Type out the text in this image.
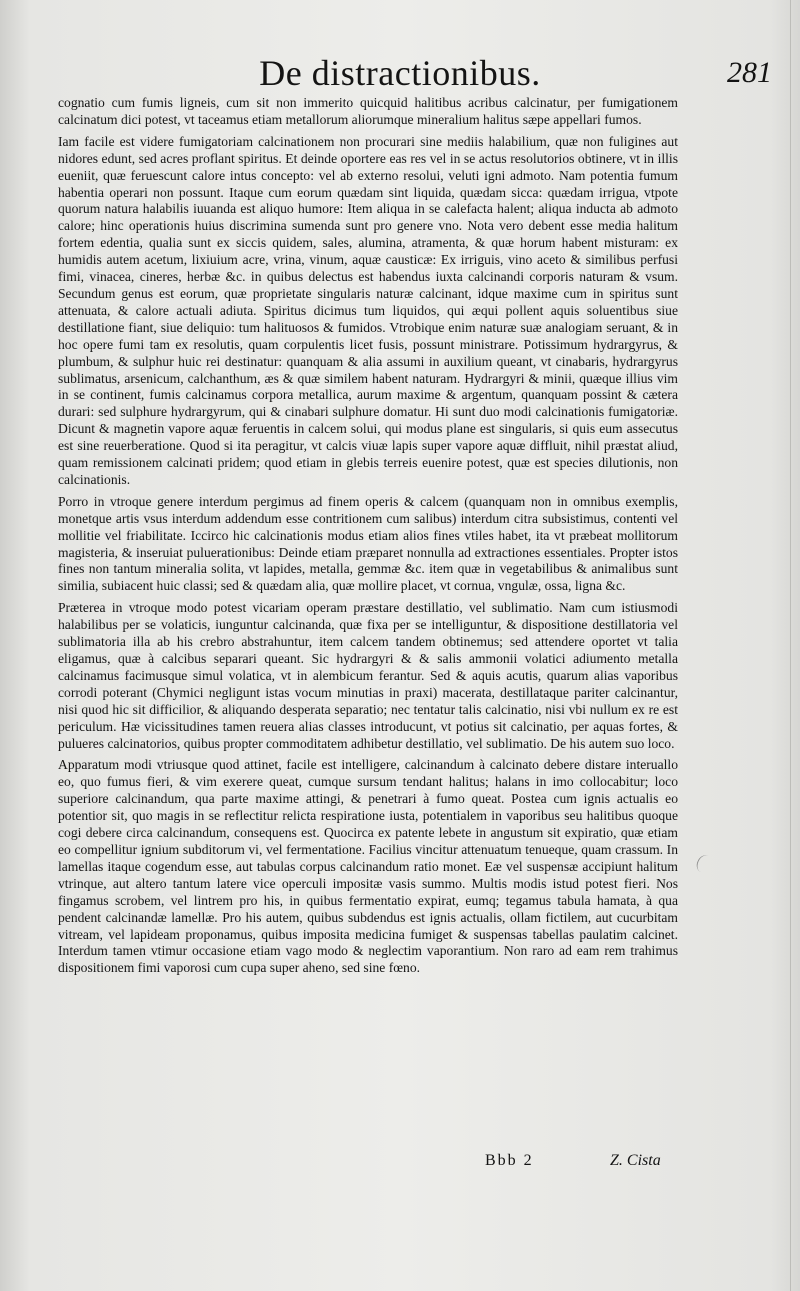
De distractionibus.	281

cognatio cum fumis ligneis, cum sit non immerito quicquid halitibus acribus calcinatur, per fumigationem calcinatum dici potest, vt taceamus etiam metallorum aliorumque mineralium halitus sæpe appellari fumos.

Iam facile est videre fumigatoriam calcinationem non procurari sine mediis halabilium, quæ non fuligines aut nidores edunt, sed acres proflant spiritus. Et deinde oportere eas res vel in se actus resolutorios obtinere, vt in illis eueniit, quæ feruescunt calore intus concepto: vel ab externo resolui, veluti igni admoto. Nam potentia fumum habentia operari non possunt. Itaque cum eorum quædam sint liquida, quædam sicca: quædam irrigua, vtpote quorum natura halabilis iuuanda est aliquo humore: Item aliqua in se calefacta halent; aliqua inducta ab admoto calore; hinc operationis huius discrimina sumenda sunt pro genere vno. Nota vero debent esse media halitum fortem edentia, qualia sunt ex siccis quidem, sales, alumina, atramenta, & quæ horum habent misturam: ex humidis autem acetum, lixiuium acre, vrina, vinum, aquæ causticæ: Ex irriguis, vino aceto & similibus perfusi fimi, vinacea, cineres, herbæ &c. in quibus delectus est habendus iuxta calcinandi corporis naturam & vsum. Secundum genus est eorum, quæ proprietate singularis naturæ calcinant, idque maxime cum in spiritus sunt attenuata, & calore actuali adiuta. Spiritus dicimus tum liquidos, qui æqui pollent aquis soluentibus siue destillatione fiant, siue deliquio: tum halituosos & fumidos. Vtrobique enim naturæ suæ analogiam seruant, & in hoc opere fumi tam ex resolutis, quam corpulentis licet fusis, possunt ministrare. Potissimum hydrargyrus, & plumbum, & sulphur huic rei destinatur: quanquam & alia assumi in auxilium queant, vt cinabaris, hydrargyrus sublimatus, arsenicum, calchanthum, æs & quæ similem habent naturam. Hydrargyri & minii, quæque illius vim in se continent, fumis calcinamus corpora metallica, aurum maxime & argentum, quanquam possint & cætera durari: sed sulphure hydrargyrum, qui & cinabari sulphure domatur. Hi sunt duo modi calcinationis fumigatoriæ. Dicunt & magnetin vapore aquæ feruentis in calcem solui, qui modus plane est singularis, si quis eum assecutus est sine reuerberatione. Quod si ita peragitur, vt calcis viuæ lapis super vapore aquæ diffluit, nihil præstat aliud, quam remissionem calcinati pridem; quod etiam in glebis terreis euenire potest, quæ est species dilutionis, non calcinationis.

Porro in vtroque genere interdum pergimus ad finem operis & calcem (quanquam non in omnibus exemplis, monetque artis vsus interdum addendum esse contritionem cum salibus) interdum citra subsistimus, contenti vel mollitie vel friabilitate. Iccirco hic calcinationis modus etiam alios fines vtiles habet, ita vt præbeat mollitorum magisteria, & inseruiat puluerationibus: Deinde etiam præparet nonnulla ad extractiones essentiales. Propter istos fines non tantum mineralia solita, vt lapides, metalla, gemmæ &c. item quæ in vegetabilibus & animalibus sunt similia, subiacent huic classi; sed & quædam alia, quæ mollire placet, vt cornua, vngulæ, ossa, ligna &c.

Præterea in vtroque modo potest vicariam operam præstare destillatio, vel sublimatio. Nam cum istiusmodi halabilibus per se volaticis, iunguntur calcinanda, quæ fixa per se intelliguntur, & dispositione destillatoria vel sublimatoria illa ab his crebro abstrahuntur, item calcem tandem obtinemus; sed attendere oportet vt talia eligamus, quæ à calcibus separari queant. Sic hydrargyri & & salis ammonii volatici adiumento metalla calcinamus facimusque simul volatica, vt in alembicum ferantur. Sed & aquis acutis, quarum alias vaporibus corrodi poterant (Chymici negligunt istas vocum minutias in praxi) macerata, destillataque pariter calcinantur, nisi quod hic sit difficilior, & aliquando desperata separatio; nec tentatur talis calcinatio, nisi vbi nullum ex re est periculum. Hæ vicissitudines tamen reuera alias classes introducunt, vt potius sit calcinatio, per aquas fortes, & pulueres calcinatorios, quibus propter commoditatem adhibetur destillatio, vel sublimatio. De his autem suo loco.

Apparatum modi vtriusque quod attinet, facile est intelligere, calcinandum à calcinato debere distare interuallo eo, quo fumus fieri, & vim exerere queat, cumque sursum tendant halitus; halans in imo collocabitur; loco superiore calcinandum, qua parte maxime attingi, & penetrari à fumo queat. Postea cum ignis actualis eo potentior sit, quo magis in se reflectitur relicta respiratione iusta, potentialem in vaporibus seu halitibus quoque cogi debere circa calcinandum, consequens est. Quocirca ex patente lebete in angustum sit expiratio, quæ etiam eo compellitur ignium subditorum vi, vel fermentatione. Facilius vincitur attenuatum tenueque, quam crassum. In lamellas itaque cogendum esse, aut tabulas corpus calcinandum ratio monet. Eæ vel suspensæ accipiunt halitum vtrinque, aut altero tantum latere vice operculi impositæ vasis summo. Multis modis istud potest fieri. Nos fingamus scrobem, vel lintrem pro his, in quibus fermentatio expirat, eumq; tegamus tabula hamata, à qua pendent calcinandæ lamellæ. Pro his autem, quibus subdendus est ignis actualis, ollam fictilem, aut cucurbitam vitream, vel lapideam proponamus, quibus imposita medicina fumiget & suspensas tabellas paulatim calcinet. Interdum tamen vtimur occasione etiam vago modo & neglectim vaporantium. Non raro ad eam rem trahimus dispositionem fimi vaporosi cum cupa super aheno, sed sine fœno.

Bbb 2	Z. Cista
